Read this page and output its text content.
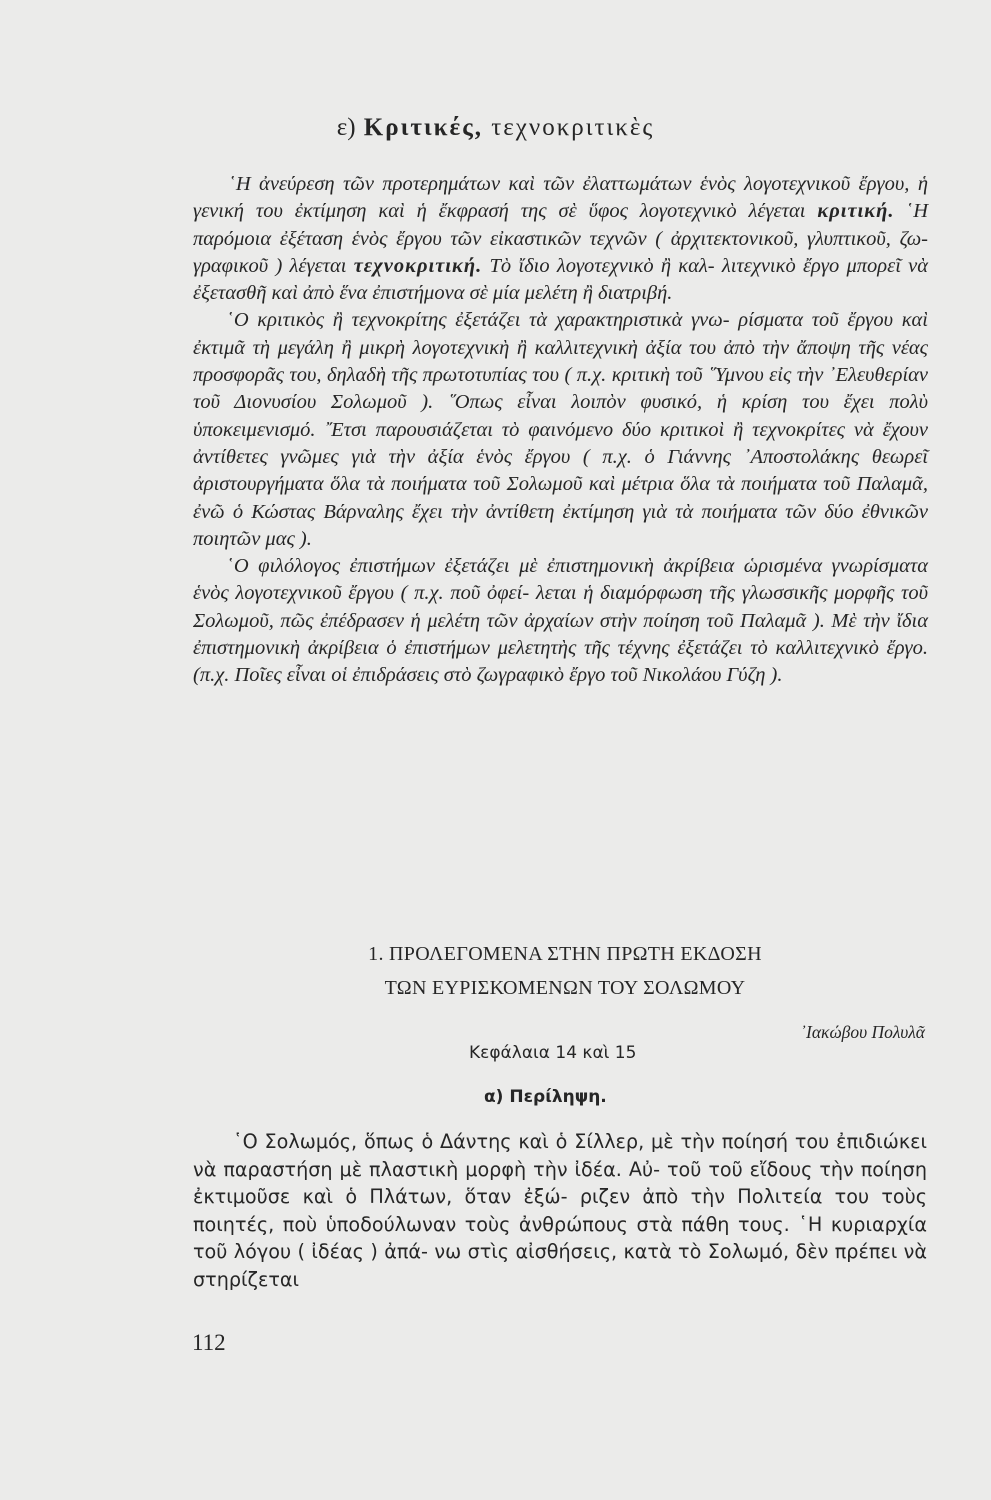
ε) Κριτικές, τεχνοκριτικὲς

῾Η ἀνεύρεση τῶν προτερημάτων καὶ τῶν ἐλαττωμάτων ἑνὸς λογοτεχνικοῦ ἔργου, ἡ γενική του ἐκτίμηση καὶ ἡ ἔκφρασή της σὲ ὕφος λογοτεχνικὸ λέγεται κριτική. ῾Η παρόμοια ἐξέταση ἑνὸς ἔργου τῶν εἰκαστικῶν τεχνῶν ( ἀρχιτεκτονικοῦ, γλυπτικοῦ, ζω- γραφικοῦ ) λέγεται τεχνοκριτική. Τὸ ἴδιο λογοτεχνικὸ ἢ καλ- λιτεχνικὸ ἔργο μπορεῖ νὰ ἐξετασθῆ καὶ ἀπὸ ἕνα ἐπιστήμονα σὲ μία μελέτη ἢ διατριβή.

῾Ο κριτικὸς ἢ τεχνοκρίτης ἐξετάζει τὰ χαρακτηριστικὰ γνω- ρίσματα τοῦ ἔργου καὶ ἐκτιμᾶ τὴ μεγάλη ἢ μικρὴ λογοτεχνικὴ ἢ καλλιτεχνικὴ ἀξία του ἀπὸ τὴν ἄποψη τῆς νέας προσφορᾶς του, δηλαδὴ τῆς πρωτοτυπίας του ( π.χ. κριτικὴ τοῦ ῞Υμνου εἰς τὴν ᾿Ελευθερίαν τοῦ Διονυσίου Σολωμοῦ ). ῞Οπως εἶναι λοιπὸν φυσικό, ἡ κρίση του ἔχει πολὺ ὑποκειμενισμό. ῎Ετσι παρουσιάζεται τὸ φαινόμενο δύο κριτικοὶ ἢ τεχνοκρίτες νὰ ἔχουν ἀντίθετες γνῶμες γιὰ τὴν ἀξία ἑνὸς ἔργου ( π.χ. ὁ Γιάννης ᾿Αποστολάκης θεωρεῖ ἀριστουργήματα ὅλα τὰ ποιήματα τοῦ Σολωμοῦ καὶ μέτρια ὅλα τὰ ποιήματα τοῦ Παλαμᾶ, ἐνῶ ὁ Κώστας Βάρναλης ἔχει τὴν ἀντίθετη ἐκτίμηση γιὰ τὰ ποιήματα τῶν δύο ἐθνικῶν ποιητῶν μας ).

῾Ο φιλόλογος ἐπιστήμων ἐξετάζει μὲ ἐπιστημονικὴ ἀκρίβεια ὡρισμένα γνωρίσματα ἑνὸς λογοτεχνικοῦ ἔργου ( π.χ. ποῦ ὀφεί- λεται ἡ διαμόρφωση τῆς γλωσσικῆς μορφῆς τοῦ Σολωμοῦ, πῶς ἐπέδρασεν ἡ μελέτη τῶν ἀρχαίων στὴν ποίηση τοῦ Παλαμᾶ ). Μὲ τὴν ἴδια ἐπιστημονικὴ ἀκρίβεια ὁ ἐπιστήμων μελετητὴς τῆς τέχνης ἐξετάζει τὸ καλλιτεχνικὸ ἔργο. (π.χ. Ποῖες εἶναι οἱ ἐπιδράσεις στὸ ζωγραφικὸ ἔργο τοῦ Νικολάου Γύζη ).

1. ΠΡΟΛΕΓΟΜΕΝΑ ΣΤΗΝ ΠΡΩΤΗ ΕΚΔΟΣΗ
ΤΩΝ ΕΥΡΙΣΚΟΜΕΝΩΝ ΤΟΥ ΣΟΛΩΜΟΥ
᾿Ιακώβου Πολυλᾶ
Κεφάλαια 14 καὶ 15
α) Περίληψη.

῾Ο Σολωμός, ὅπως ὁ Δάντης καὶ ὁ Σίλλερ, μὲ τὴν ποίησή του ἐπιδιώκει νὰ παραστήση μὲ πλαστικὴ μορφὴ τὴν ἰδέα. Αὐ- τοῦ τοῦ εἴδους τὴν ποίηση ἐκτιμοῦσε καὶ ὁ Πλάτων, ὅταν ἐξώ- ριζεν ἀπὸ τὴν Πολιτεία του τοὺς ποιητές, ποὺ ὑποδούλωναν τοὺς ἀνθρώπους στὰ πάθη τους. ῾Η κυριαρχία τοῦ λόγου ( ἰδέας ) ἀπά- νω στὶς αἰσθήσεις, κατὰ τὸ Σολωμό, δὲν πρέπει νὰ στηρίζεται

112
